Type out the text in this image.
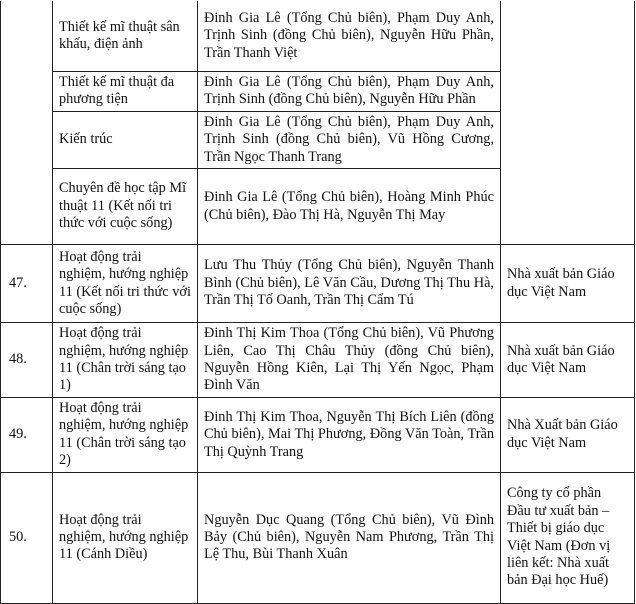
	Thiết kế mĩ thuật sân khấu, điện ảnh	Đinh Gia Lê (Tổng Chủ biên), Phạm Duy Anh, Trịnh Sinh (đồng Chủ biên), Nguyễn Hữu Phần, Trần Thanh Việt	
	Thiết kế mĩ thuật đa phương tiện	Đinh Gia Lê (Tổng Chủ biên), Phạm Duy Anh, Trịnh Sinh (đồng Chủ biên), Nguyễn Hữu Phần	
	Kiến trúc	Đinh Gia Lê (Tổng Chủ biên), Phạm Duy Anh, Trịnh Sinh (đồng Chủ biên), Vũ Hồng Cương, Trần Ngọc Thanh Trang	
	Chuyên đề học tập Mĩ thuật 11 (Kết nối tri thức với cuộc sống)	Đinh Gia Lê (Tổng Chủ biên), Hoàng Minh Phúc (Chủ biên), Đào Thị Hà, Nguyễn Thị May	
47.	Hoạt động trải nghiệm, hướng nghiệp 11 (Kết nối tri thức với cuộc sống)	Lưu Thu Thủy (Tổng Chủ biên), Nguyễn Thanh Bình (Chủ biên), Lê Văn Cầu, Dương Thị Thu Hà, Trần Thị Tố Oanh, Trần Thị Cẩm Tú	Nhà xuất bản Giáo dục Việt Nam
48.	Hoạt động trải nghiệm, hướng nghiệp 11 (Chân trời sáng tạo 1)	Đinh Thị Kim Thoa (Tổng Chủ biên), Vũ Phương Liên, Cao Thị Châu Thủy (đồng Chủ biên), Nguyễn Hồng Kiên, Lại Thị Yến Ngọc, Phạm Đình Văn	Nhà xuất bản Giáo dục Việt Nam
49.	Hoạt động trải nghiệm, hướng nghiệp 11 (Chân trời sáng tạo 2)	Đinh Thị Kim Thoa, Nguyễn Thị Bích Liên (đồng Chủ biên), Mai Thị Phương, Đồng Văn Toàn, Trần Thị Quỳnh Trang	Nhà Xuất bản Giáo dục Việt Nam
50.	Hoạt động trải nghiệm, hướng nghiệp 11 (Cánh Diều)	Nguyễn Dục Quang (Tổng Chủ biên), Vũ Đình Bảy (Chủ biên), Nguyễn Nam Phương, Trần Thị Lệ Thu, Bùi Thanh Xuân	Công ty cổ phần Đầu tư xuất bản – Thiết bị giáo dục Việt Nam (Đơn vị liên kết: Nhà xuất bản Đại học Huế)
